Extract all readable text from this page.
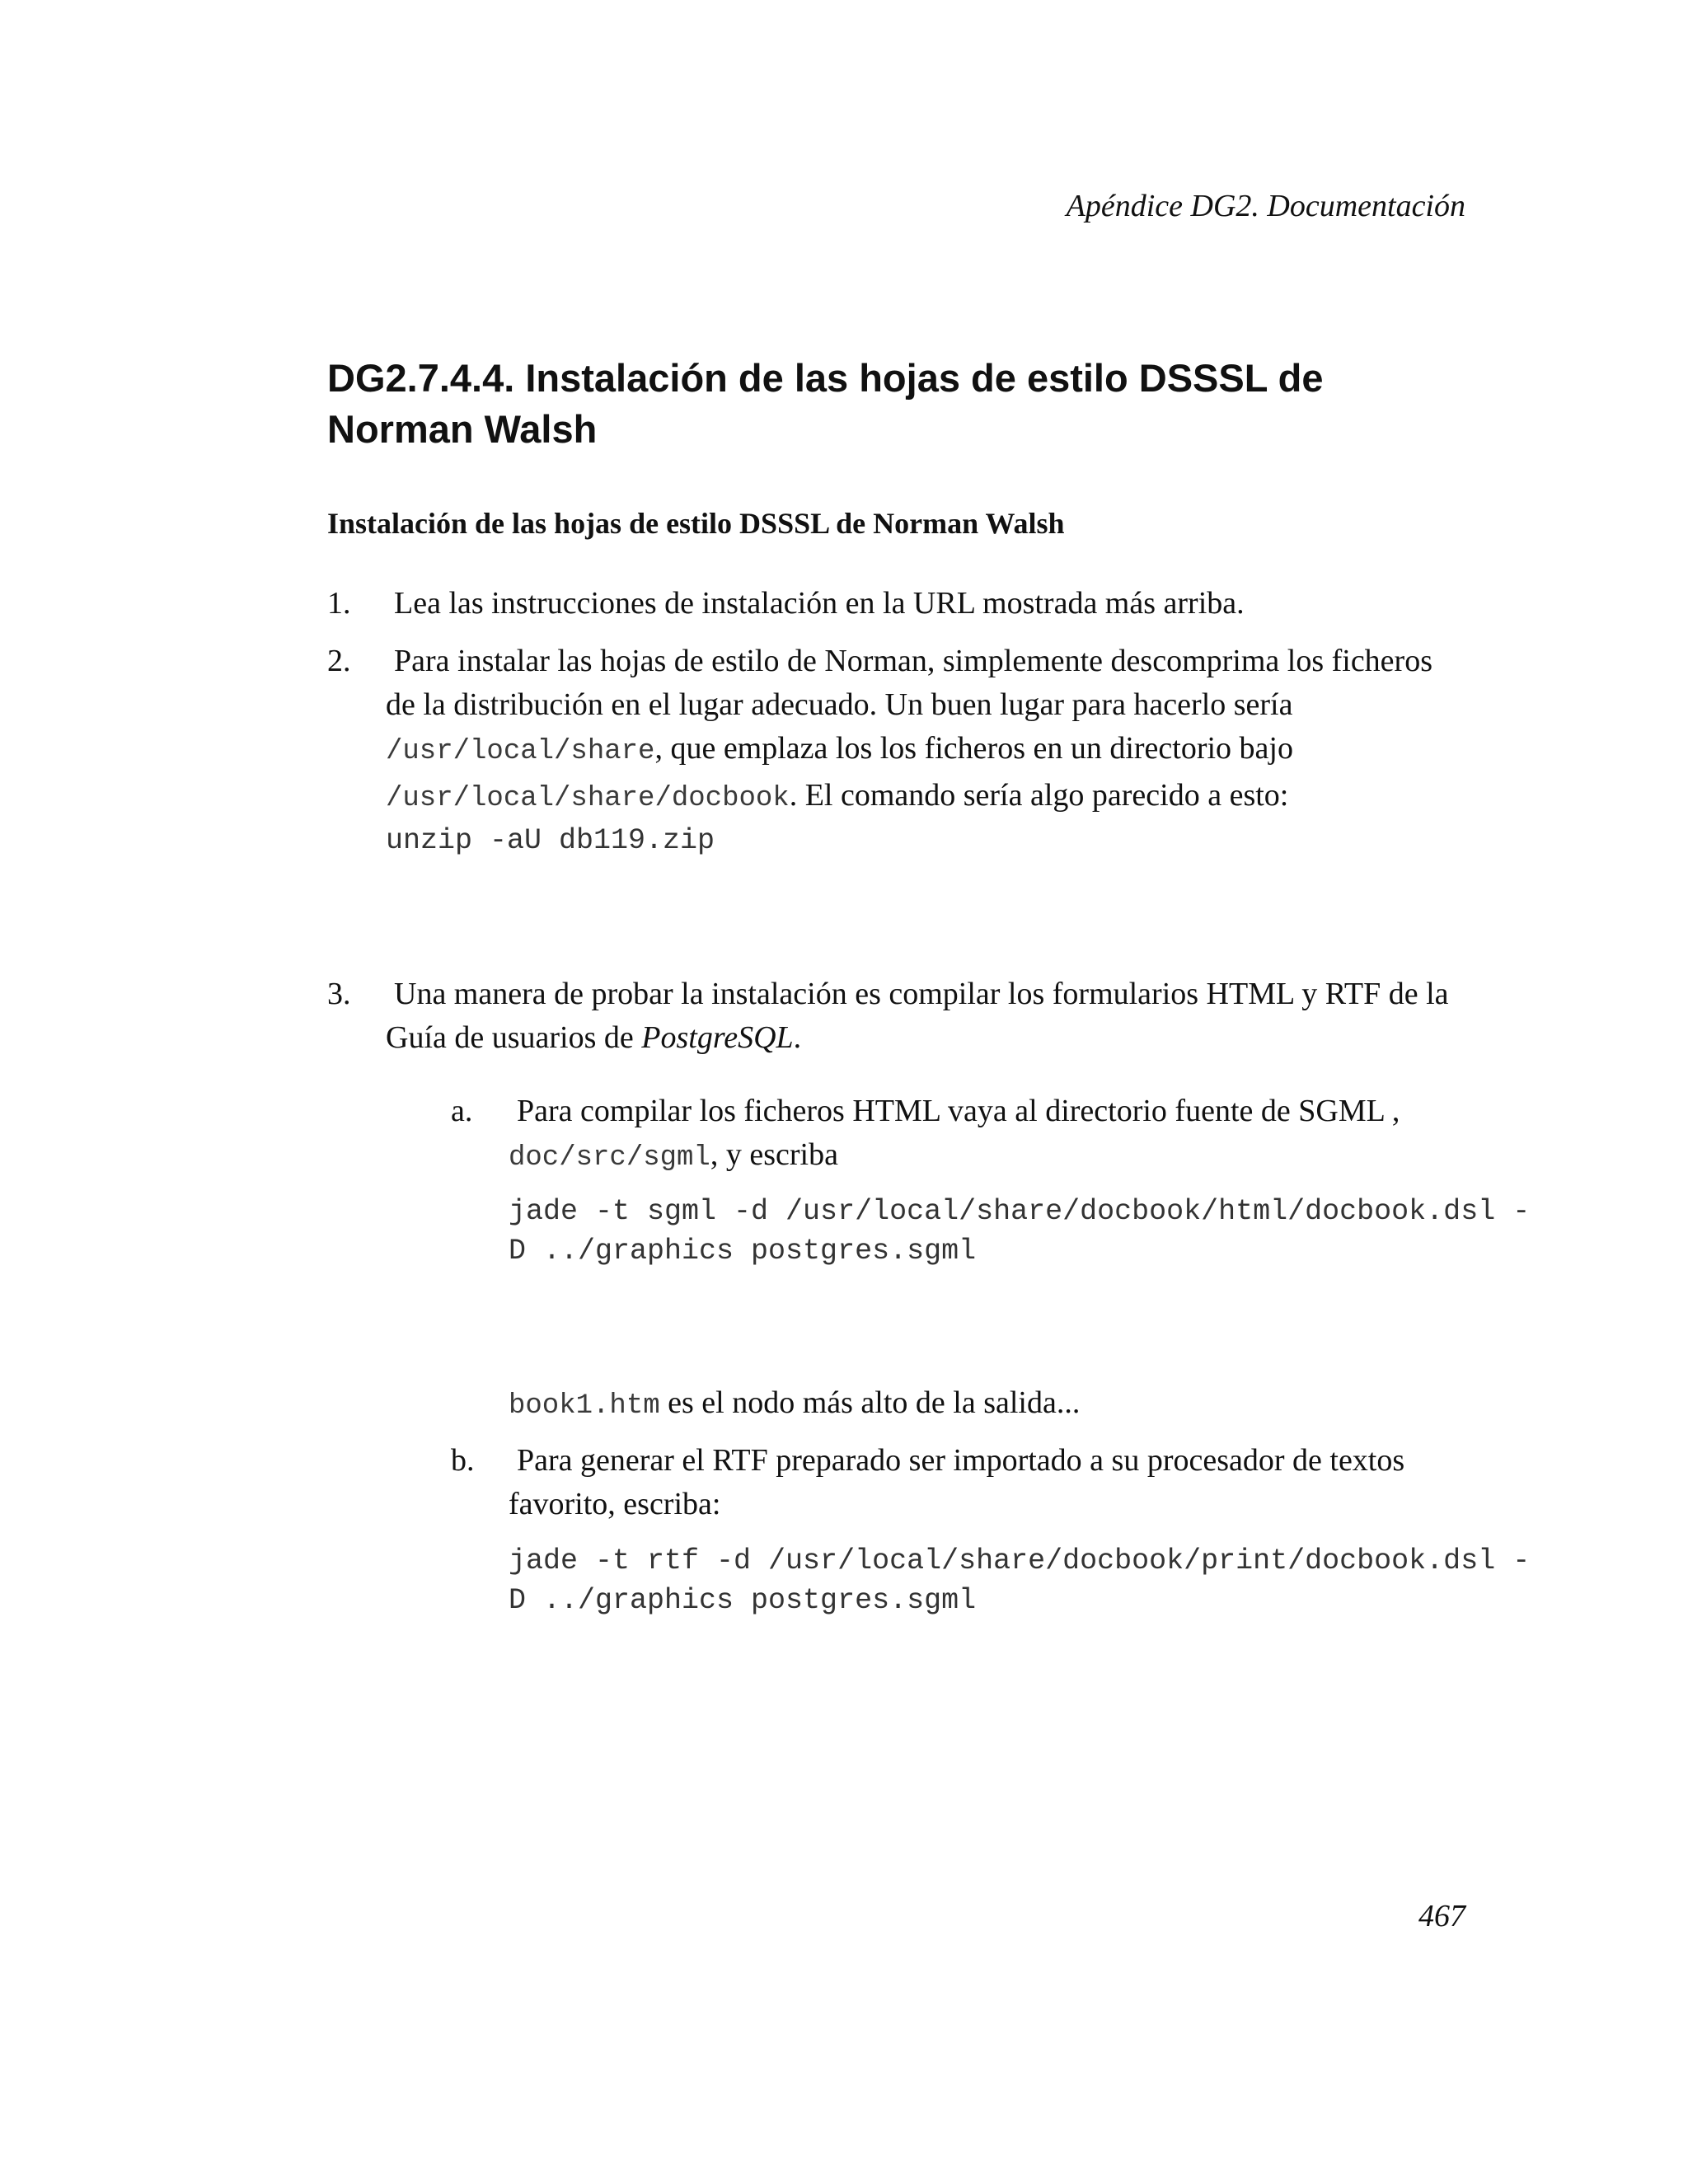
Apéndice DG2. Documentación
DG2.7.4.4. Instalación de las hojas de estilo DSSSL de Norman Walsh
Instalación de las hojas de estilo DSSSL de Norman Walsh
1. Lea las instrucciones de instalación en la URL mostrada más arriba.
2. Para instalar las hojas de estilo de Norman, simplemente descomprima los ficheros de la distribución en el lugar adecuado. Un buen lugar para hacerlo sería /usr/local/share, que emplaza los los ficheros en un directorio bajo /usr/local/share/docbook. El comando sería algo parecido a esto:
unzip -aU db119.zip
3. Una manera de probar la instalación es compilar los formularios HTML y RTF de la Guía de usuarios de PostgreSQL.
a. Para compilar los ficheros HTML vaya al directorio fuente de SGML ,
doc/src/sgml, y escriba
jade -t sgml -d /usr/local/share/docbook/html/docbook.dsl -
D ../graphics postgres.sgml
book1.htm es el nodo más alto de la salida...
b. Para generar el RTF preparado ser importado a su procesador de textos favorito, escriba:
jade -t rtf -d /usr/local/share/docbook/print/docbook.dsl -
D ../graphics postgres.sgml
467
